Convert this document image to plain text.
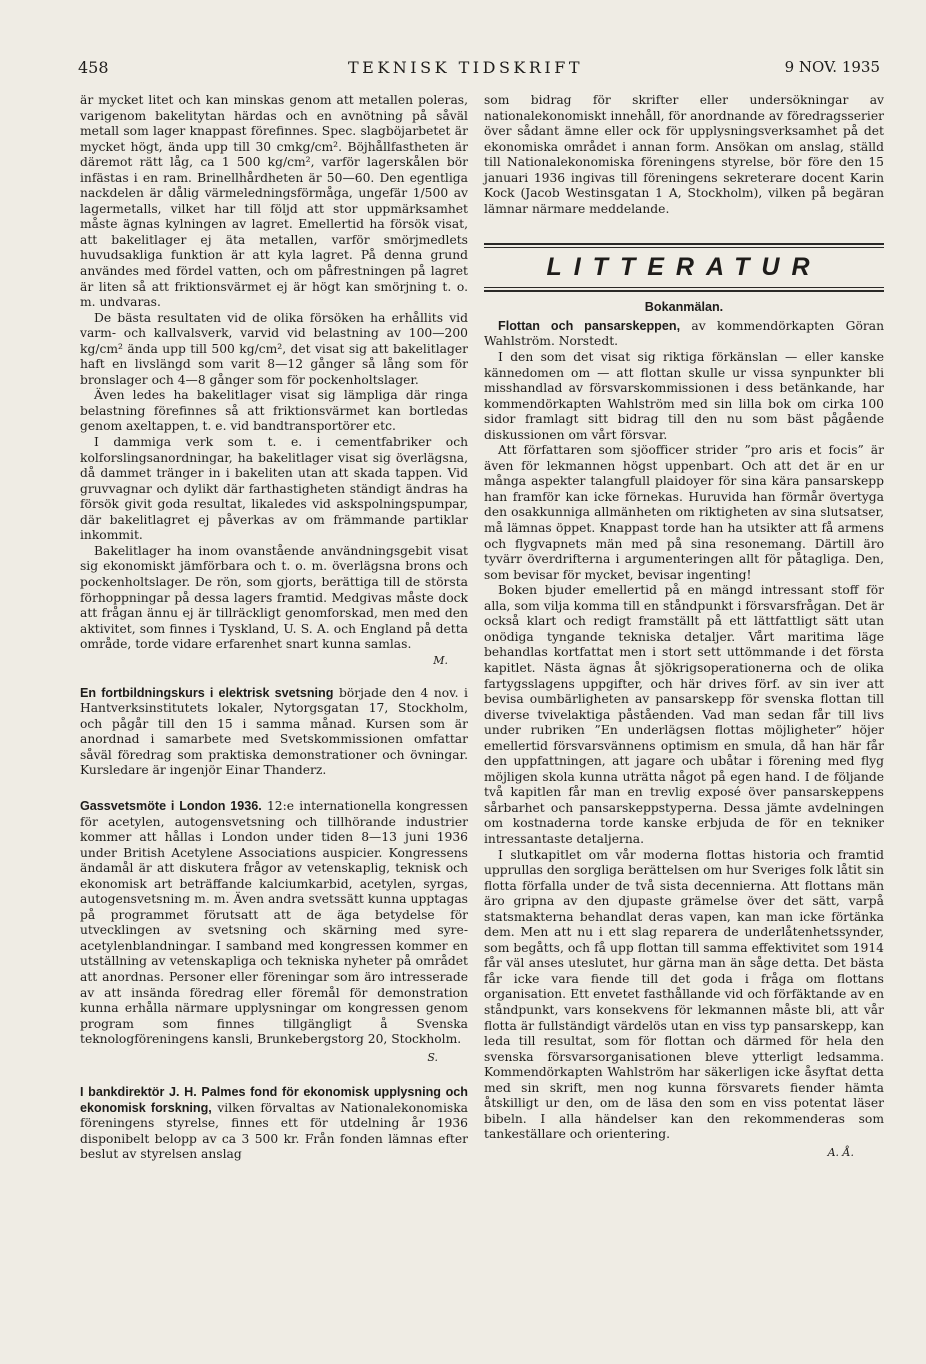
458	TEKNISK TIDSKRIFT	9 NOV. 1935

är mycket litet och kan minskas genom att metallen poleras, varigenom bakelitytan härdas och en avnötning på såväl metall som lager knappast förefinnes. Spec. slagböjarbetet är mycket högt, ända upp till 30 cmkg/cm². Böjhållfastheten är däremot rätt låg, ca 1 500 kg/cm², varför lagerskålen bör infästas i en ram. Brinellhårdheten är 50—60. Den egentliga nackdelen är dålig värmeledningsförmåga, ungefär 1/500 av lagermetalls, vilket har till följd att stor uppmärksamhet måste ägnas kylningen av lagret. Emellertid ha försök visat, att bakelitlager ej äta metallen, varför smörjmedlets huvudsakliga funktion är att kyla lagret. På denna grund användes med fördel vatten, och om påfrestningen på lagret är liten så att friktionsvärmet ej är högt kan smörjning t. o. m. undvaras.

De bästa resultaten vid de olika försöken ha erhållits vid varm- och kallvalsverk, varvid vid belastning av 100—200 kg/cm² ända upp till 500 kg/cm², det visat sig att bakelitlager haft en livslängd som varit 8—12 gånger så lång som för bronslager och 4—8 gånger som för pockenholtslager.

Även ledes ha bakelitlager visat sig lämpliga där ringa belastning förefinnes så att friktionsvärmet kan bortledas genom axeltappen, t. e. vid bandtransportörer etc.

I dammiga verk som t. e. i cementfabriker och kolforslingsanordningar, ha bakelitlager visat sig överlägsna, då dammet tränger in i bakeliten utan att skada tappen. Vid gruvvagnar och dylikt där farthastigheten ständigt ändras ha försök givit goda resultat, likaledes vid askspolningspumpar, där bakelitlagret ej påverkas av om främmande partiklar inkommit.

Bakelitlager ha inom ovanstående användningsgebit visat sig ekonomiskt jämförbara och t. o. m. överlägsna brons och pockenholtslager. De rön, som gjorts, berättiga till de största förhoppningar på dessa lagers framtid. Medgivas måste dock att frågan ännu ej är tillräckligt genomforskad, men med den aktivitet, som finnes i Tyskland, U. S. A. och England på detta område, torde vidare erfarenhet snart kunna samlas.

M.

En fortbildningskurs i elektrisk svetsning började den 4 nov. i Hantverksinstitutets lokaler, Nytorgsgatan 17, Stockholm, och pågår till den 15 i samma månad. Kursen som är anordnad i samarbete med Svetskommissionen omfattar såväl föredrag som praktiska demonstrationer och övningar. Kursledare är ingenjör Einar Thanderz.

Gassvetsmöte i London 1936. 12:e internationella kongressen för acetylen, autogensvetsning och tillhörande industrier kommer att hållas i London under tiden 8—13 juni 1936 under British Acetylene Associations auspicier. Kongressens ändamål är att diskutera frågor av vetenskaplig, teknisk och ekonomisk art beträffande kalciumkarbid, acetylen, syrgas, autogensvetsning m. m. Även andra svetssätt kunna upptagas på programmet förutsatt att de äga betydelse för utvecklingen av svetsning och skärning med syre-acetylenblandningar. I samband med kongressen kommer en utställning av vetenskapliga och tekniska nyheter på området att anordnas. Personer eller föreningar som äro intresserade av att insända föredrag eller föremål för demonstration kunna erhålla närmare upplysningar om kongressen genom program som finnes tillgängligt å Svenska teknologföreningens kansli, Brunkebergstorg 20, Stockholm.

S.

I bankdirektör J. H. Palmes fond för ekonomisk upplysning och ekonomisk forskning, vilken förvaltas av Nationalekonomiska föreningens styrelse, finnes ett för utdelning år 1936 disponibelt belopp av ca 3 500 kr. Från fonden lämnas efter beslut av styrelsen anslag

som bidrag för skrifter eller undersökningar av nationalekonomiskt innehåll, för anordnande av föredragsserier över sådant ämne eller ock för upplysningsverksamhet på det ekonomiska området i annan form. Ansökan om anslag, ställd till Nationalekonomiska föreningens styrelse, bör före den 15 januari 1936 ingivas till föreningens sekreterare docent Karin Kock (Jacob Westinsgatan 1 A, Stockholm), vilken på begäran lämnar närmare meddelande.

LITTERATUR
Bokanmälan.

Flottan och pansarskeppen, av kommendörkapten Göran Wahlström. Norstedt.

I den som det visat sig riktiga förkänslan — eller kanske kännedomen om — att flottan skulle ur vissa synpunkter bli misshandlad av försvarskommissionen i dess betänkande, har kommendörkapten Wahlström med sin lilla bok om cirka 100 sidor framlagt sitt bidrag till den nu som bäst pågående diskussionen om vårt försvar.

Att författaren som sjöofficer strider ”pro aris et focis” är även för lekmannen högst uppenbart. Och att det är en ur många aspekter talangfull plaidoyer för sina kära pansarskepp han framför kan icke förnekas. Huruvida han förmår övertyga den osakkunniga allmänheten om riktigheten av sina slutsatser, må lämnas öppet. Knappast torde han ha utsikter att få armens och flygvapnets män med på sina resonemang. Därtill äro tyvärr överdrifterna i argumenteringen allt för påtagliga. Den, som bevisar för mycket, bevisar ingenting!

Boken bjuder emellertid på en mängd intressant stoff för alla, som vilja komma till en ståndpunkt i försvarsfrågan. Det är också klart och redigt framställt på ett lättfattligt sätt utan onödiga tyngande tekniska detaljer. Vårt maritima läge behandlas kortfattat men i stort sett uttömmande i det första kapitlet. Nästa ägnas åt sjökrigsoperationerna och de olika fartygsslagens uppgifter, och här drives förf. av sin iver att bevisa oumbärligheten av pansarskepp för svenska flottan till diverse tvivelaktiga påståenden. Vad man sedan får till livs under rubriken ”En underlägsen flottas möjligheter” höjer emellertid försvarsvännens optimism en smula, då han här får den uppfattningen, att jagare och ubåtar i förening med flyg möjligen skola kunna uträtta något på egen hand. I de följande två kapitlen får man en trevlig exposé över pansarskeppens sårbarhet och pansarskeppstyperna. Dessa jämte avdelningen om kostnaderna torde kanske erbjuda de för en tekniker intressantaste detaljerna.

I slutkapitlet om vår moderna flottas historia och framtid upprullas den sorgliga berättelsen om hur Sveriges folk låtit sin flotta förfalla under de två sista decennierna. Att flottans män äro gripna av den djupaste grämelse över det sätt, varpå statsmakterna behandlat deras vapen, kan man icke förtänka dem. Men att nu i ett slag reparera de underlåtenhetssynder, som begåtts, och få upp flottan till samma effektivitet som 1914 får väl anses uteslutet, hur gärna man än såge detta. Det bästa får icke vara fiende till det goda i fråga om flottans organisation. Ett envetet fasthållande vid och förfäktande av en ståndpunkt, vars konsekvens för lekmannen måste bli, att vår flotta är fullständigt värdelös utan en viss typ pansarskepp, kan leda till resultat, som för flottan och därmed för hela den svenska försvarsorganisationen bleve ytterligt ledsamma. Kommendörkapten Wahlström har säkerligen icke åsyftat detta med sin skrift, men nog kunna försvarets fiender hämta åtskilligt ur den, om de läsa den som en viss potentat läser bibeln. I alla händelser kan den rekommenderas som tankeställare och orientering.

A. Å.
